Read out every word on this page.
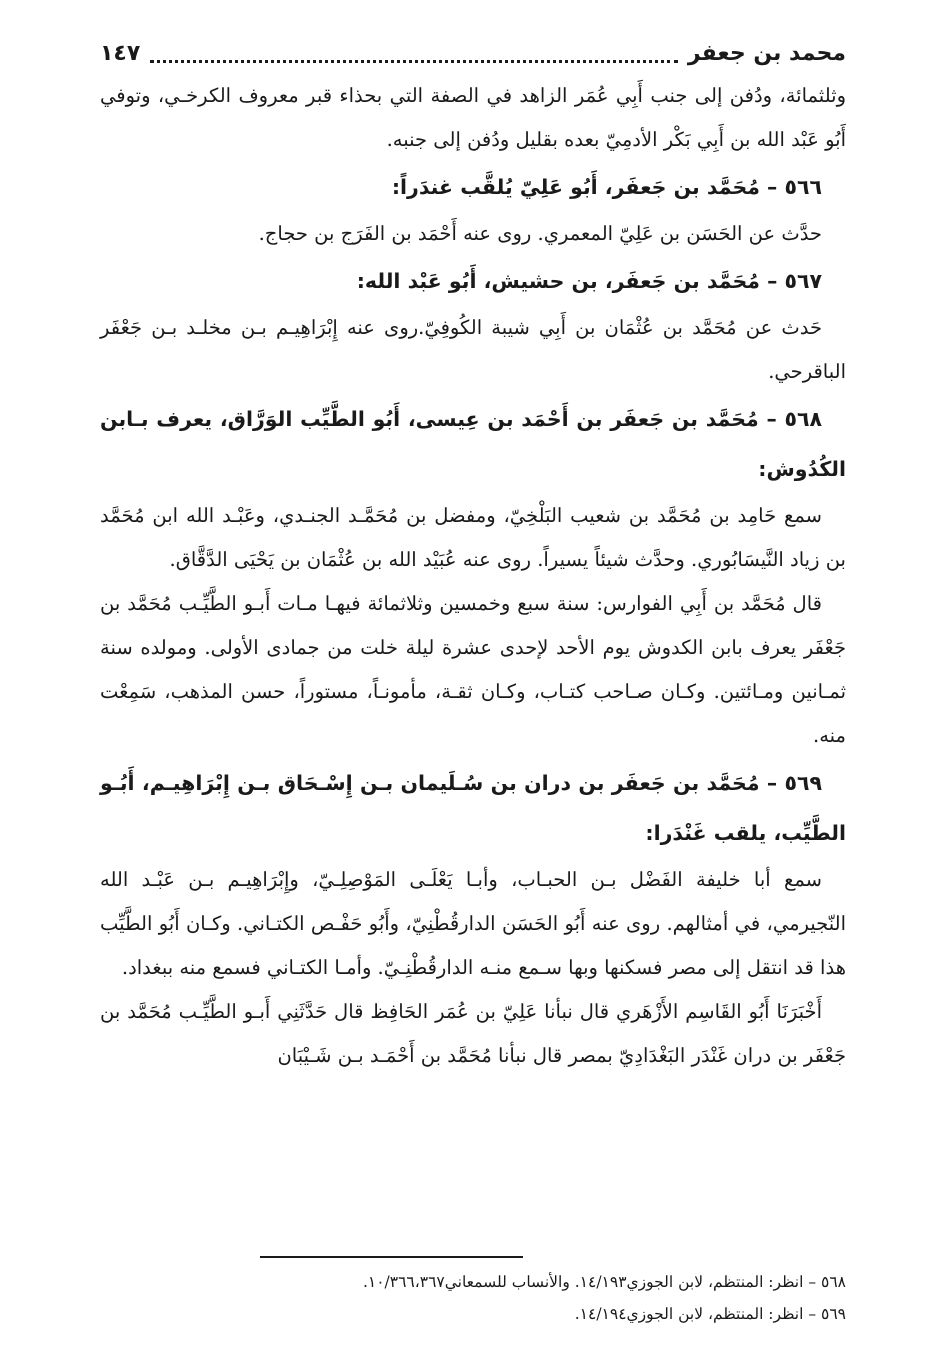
محمد بن جعفر
١٤٧

وثلثمائة، ودُفن إلى جنب أَبِي عُمَر الزاهد في الصفة التي بحذاء قبر معروف الكرخـي، وتوفي أَبُو عَبْد الله بن أَبِي بَكْر الأدمِيّ بعده بقليل ودُفن إلى جنبه.

٥٦٦ – مُحَمَّد بن جَعفَر، أَبُو عَلِيّ يُلقَّب غندَراً:

حدَّث عن الحَسَن بن عَلِيّ المعمري. روى عنه أَحْمَد بن الفَرَج بن حجاج.

٥٦٧ – مُحَمَّد بن جَعفَر، بن حشيش، أَبُو عَبْد الله:

حَدث عن مُحَمَّد بن عُثْمَان بن أَبِي شيبة الكُوفِيّ.روى عنه إِبْرَاهِيـم بـن مخلـد بـن جَعْفَر الباقرحي.

٥٦٨ – مُحَمَّد بن جَعفَر بن أَحْمَد بن عِيسى، أَبُو الطَّيِّب الوَرَّاق، يعرف بـابن الكُدُوش:

سمع حَامِد بن مُحَمَّد بن شعيب البَلْخِيّ، ومفضل بن مُحَمَّـد الجنـدي، وعَبْـد الله ابن مُحَمَّد بن زياد النَّيسَابُوري. وحدَّث شيئاً يسيراً. روى عنه عُبَيْد الله بن عُثْمَان بن يَحْيَى الدَّقَّاق.

قال مُحَمَّد بن أَبِي الفوارس: سنة سبع وخمسين وثلاثمائة فيهـا مـات أَبـو الطَّيِّـب مُحَمَّد بن جَعْفَر يعرف بابن الكدوش يوم الأحد لإحدى عشرة ليلة خلت من جمادى الأولى. ومولده سنة ثمـانين ومـائتين. وكـان صـاحب كتـاب، وكـان ثقـة، مأمونـاً، مستوراً، حسن المذهب، سَمِعْت منه.

٥٦٩ – مُحَمَّد بن جَعفَر بن دران بن سُـلَيمان بـن إِسْـحَاق بـن إِبْرَاهِيـم، أَبُـو الطَّيِّب، يلقب غَنْدَرا:

سمع أبا خليفة الفَضْل بـن الحبـاب، وأبـا يَعْلَـى المَوْصِلِـيّ، وإِبْرَاهِيـم بـن عَبْـد الله النّجيرمي، في أمثالهم. روى عنه أَبُو الحَسَن الدارقُطْنِيّ، وأَبُو حَفْـص الكتـاني. وكـان أَبُو الطَّيِّب هذا قد انتقل إلى مصر فسكنها وبها سـمع منـه الدارقُطْنِـيّ. وأمـا الكتـاني فسمع منه ببغداد.

أَخْبَرَنَا أَبُو القَاسِم الأَزْهَري قال نبأنا عَلِيّ بن عُمَر الحَافِظ قال حَدَّثَنِي أَبـو الطَّيِّـب مُحَمَّد بن جَعْفَر بن دران غَنْدَر البَغْدَادِيّ بمصر قال نبأنا مُحَمَّد بن أَحْمَـد بـن شَـيْبَان

٥٦٨ – انظر: المنتظم، لابن الجوزي١٤/١٩٣. والأنساب للسمعاني١٠/٣٦٦،٣٦٧.

٥٦٩ – انظر: المنتظم، لابن الجوزي١٤/١٩٤.
